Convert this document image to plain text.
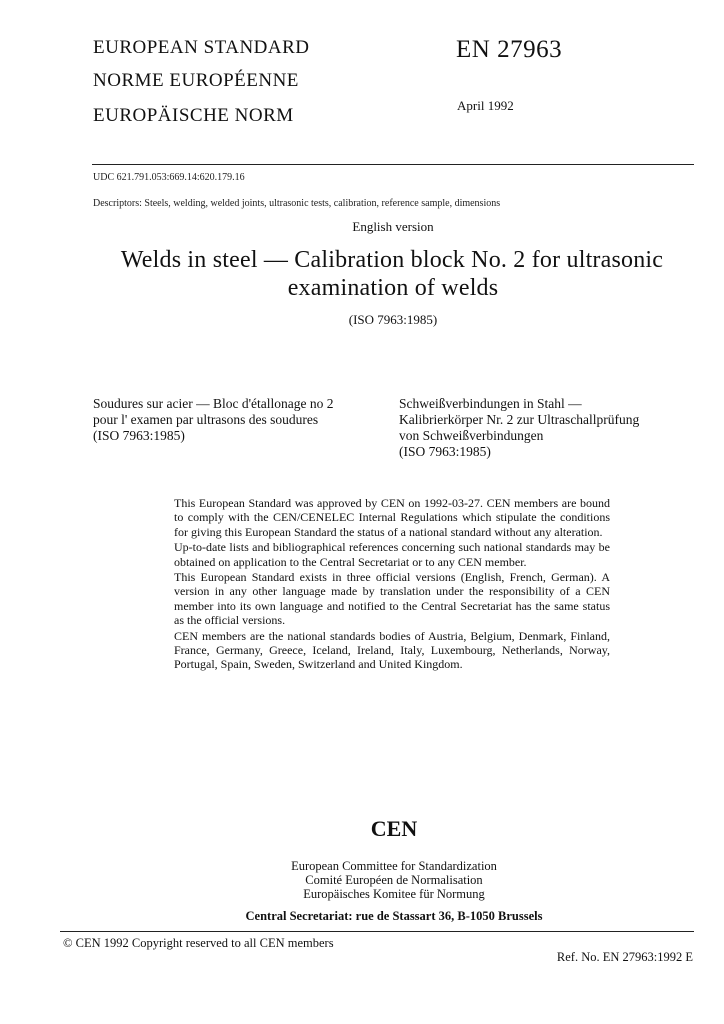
EUROPEAN STANDARD
NORME EUROPÉENNE
EUROPÄISCHE NORM
EN 27963
April 1992
UDC 621.791.053:669.14:620.179.16
Descriptors: Steels, welding, welded joints, ultrasonic tests, calibration, reference sample, dimensions
English version
Welds in steel — Calibration block No. 2 for ultrasonic
examination of welds
(ISO 7963:1985)
Soudures sur acier — Bloc d'étallonage no 2
pour l' examen par ultrasons des soudures
(ISO 7963:1985)
Schweißverbindungen in Stahl —
Kalibrierkörper Nr. 2 zur Ultraschallprüfung
von Schweißverbindungen
(ISO 7963:1985)

This European Standard was approved by CEN on 1992-03-27. CEN members are bound to comply with the CEN/CENELEC Internal Regulations which stipulate the conditions for giving this European Standard the status of a national standard without any alteration.

Up-to-date lists and bibliographical references concerning such national standards may be obtained on application to the Central Secretariat or to any CEN member.

This European Standard exists in three official versions (English, French, German). A version in any other language made by translation under the responsibility of a CEN member into its own language and notified to the Central Secretariat has the same status as the official versions.

CEN members are the national standards bodies of Austria, Belgium, Denmark, Finland, France, Germany, Greece, Iceland, Ireland, Italy, Luxembourg, Netherlands, Norway, Portugal, Spain, Sweden, Switzerland and United Kingdom.

CEN
European Committee for Standardization
Comité Européen de Normalisation
Europäisches Komitee für Normung
Central Secretariat: rue de Stassart 36, B-1050 Brussels
© CEN 1992 Copyright reserved to all CEN members
Ref. No. EN 27963:1992 E
